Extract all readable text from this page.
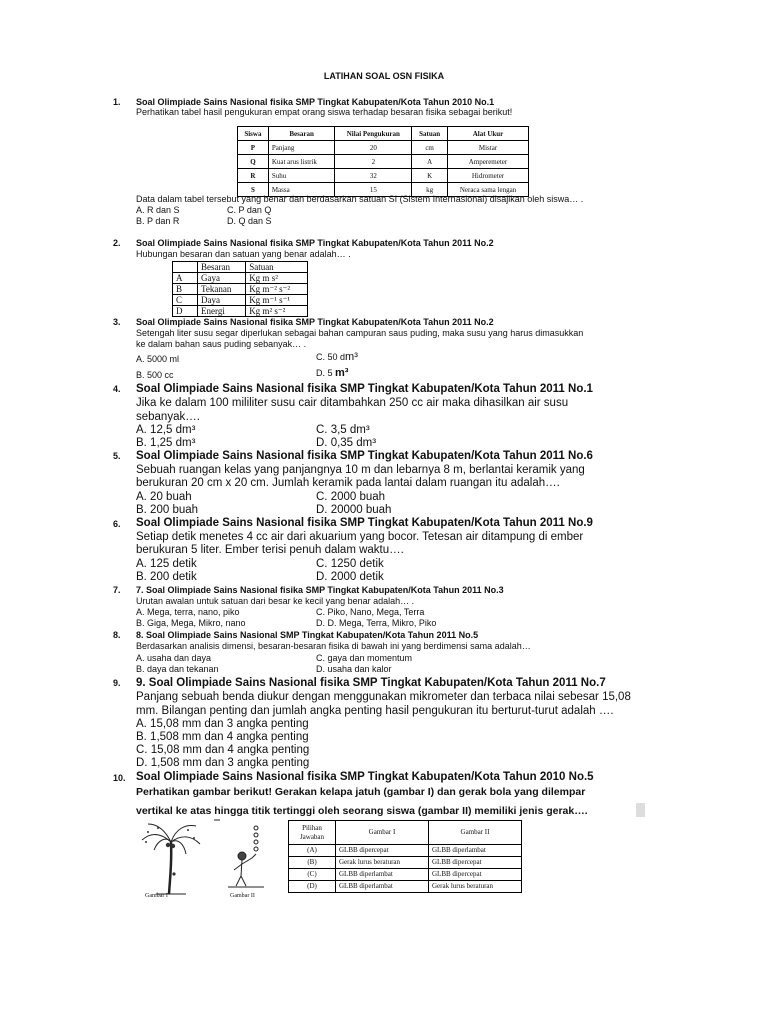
LATIHAN SOAL OSN FISIKA
1. Soal Olimpiade Sains Nasional fisika SMP Tingkat Kabupaten/Kota Tahun 2010 No.1
Perhatikan tabel hasil pengukuran empat orang siswa terhadap besaran fisika sebagai berikut!
Siswa	Besaran	Nilai Pengukuran	Satuan	Alat Ukur
P	Panjang	20	cm	Mistar
Q	Kuat arus listrik	2	A	Amperemeter
R	Suhu	32	K	Hidrometer
S	Massa	15	kg	Neraca sama lengan
Data dalam tabel tersebut yang benar dan berdasarkan satuan SI (Sistem Internasional) disajikan oleh siswa… .
A. R dan S	C. P dan Q
B. P dan R	D. Q dan S
2. Soal Olimpiade Sains Nasional fisika SMP Tingkat Kabupaten/Kota Tahun 2011 No.2
Hubungan besaran dan satuan yang benar adalah… .
	Besaran	Satuan
A	Gaya	Kg m s²
B	Tekanan	Kg m⁻² s⁻²
C	Daya	Kg m⁻¹ s⁻¹
D	Energi	Kg m² s⁻²
3. Soal Olimpiade Sains Nasional fisika SMP Tingkat Kabupaten/Kota Tahun 2011 No.2
Setengah liter susu segar diperlukan sebagai bahan campuran saus puding, maka susu yang harus dimasukkan
ke dalam bahan saus puding sebanyak… .
A. 5000 ml	C. 50 dm³
B. 500 cc	D. 5 m³
4. Soal Olimpiade Sains Nasional fisika SMP Tingkat Kabupaten/Kota Tahun 2011 No.1
Jika ke dalam 100 mililiter susu cair ditambahkan 250 cc air maka dihasilkan air susu
sebanyak….
A. 12,5 dm³	C. 3,5 dm³
B. 1,25 dm³	D. 0,35 dm³
5. Soal Olimpiade Sains Nasional fisika SMP Tingkat Kabupaten/Kota Tahun 2011 No.6
Sebuah ruangan kelas yang panjangnya 10 m dan lebarnya 8 m, berlantai keramik yang
berukuran 20 cm x 20 cm. Jumlah keramik pada lantai dalam ruangan itu adalah….
A. 20 buah	C. 2000 buah
B. 200 buah	D. 20000 buah
6. Soal Olimpiade Sains Nasional fisika SMP Tingkat Kabupaten/Kota Tahun 2011 No.9
Setiap detik menetes 4 cc air dari akuarium yang bocor. Tetesan air ditampung di ember
berukuran 5 liter. Ember terisi penuh dalam waktu….
A. 125 detik	C. 1250 detik
B. 200 detik	D. 2000 detik
7. 7. Soal Olimpiade Sains Nasional fisika SMP Tingkat Kabupaten/Kota Tahun 2011 No.3
Urutan awalan untuk satuan dari besar ke kecil yang benar adalah… .
A. Mega, terra, nano, piko	C. Piko, Nano, Mega, Terra
B. Giga, Mega, Mikro, nano	D. D. Mega, Terra, Mikro, Piko
8. 8. Soal Olimpiade Sains Nasional SMP Tingkat Kabupaten/Kota Tahun 2011 No.5
Berdasarkan analisis dimensi, besaran-besaran fisika di bawah ini yang berdimensi sama adalah…
A. usaha dan daya	C. gaya dan momentum
B. daya dan tekanan	D. usaha dan kalor
9. 9. Soal Olimpiade Sains Nasional fisika SMP Tingkat Kabupaten/Kota Tahun 2011 No.7
Panjang sebuah benda diukur dengan menggunakan mikrometer dan terbaca nilai sebesar 15,08
mm. Bilangan penting dan jumlah angka penting hasil pengukuran itu berturut-turut adalah ….
A. 15,08 mm dan 3 angka penting
B. 1,508 mm dan 4 angka penting
C. 15,08 mm dan 4 angka penting
D. 1,508 mm dan 3 angka penting
10. Soal Olimpiade Sains Nasional fisika SMP Tingkat Kabupaten/Kota Tahun 2010 No.5
Perhatikan gambar berikut! Gerakan kelapa jatuh (gambar I) dan gerak bola yang dilempar
vertikal ke atas hingga titik tertinggi oleh seorang siswa (gambar II) memiliki jenis gerak….
Gambar I	Gambar II
Pilihan Jawaban	Gambar I	Gambar II
(A)	GLBB dipercepat	GLBB diperlambat
(B)	Gerak lurus beraturan	GLBB dipercepat
(C)	GLBB diperlambat	GLBB dipercepat
(D)	GLBB diperlambat	Gerak lurus beraturan
